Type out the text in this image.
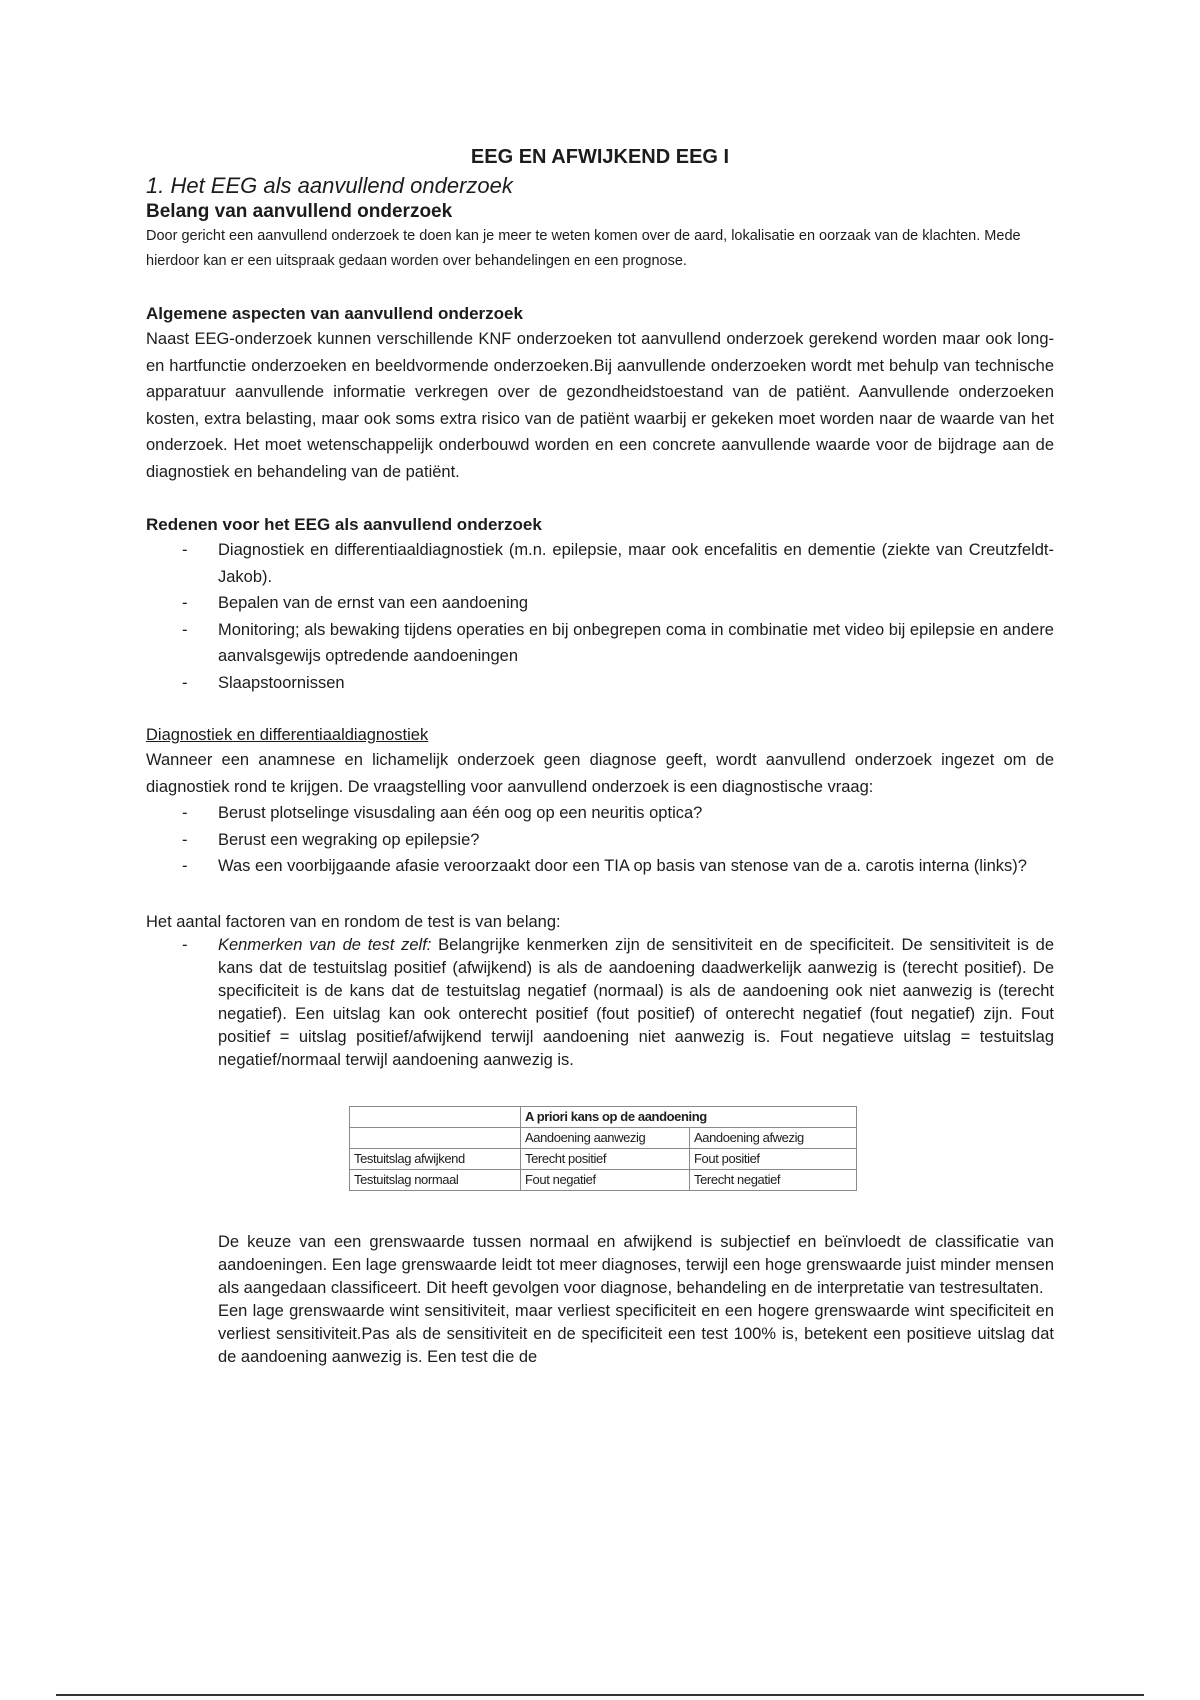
EEG EN AFWIJKEND EEG I
1. Het EEG als aanvullend onderzoek
Belang van aanvullend onderzoek

Door gericht een aanvullend onderzoek te doen kan je meer te weten komen over de aard, lokalisatie en oorzaak van de klachten. Mede hierdoor kan er een uitspraak gedaan worden over behandelingen en een prognose.

Algemene aspecten van aanvullend onderzoek

Naast EEG-onderzoek kunnen verschillende KNF onderzoeken tot aanvullend onderzoek gerekend worden maar ook long- en hartfunctie onderzoeken en beeldvormende onderzoeken.Bij aanvullende onderzoeken wordt met behulp van technische apparatuur aanvullende informatie verkregen over de gezondheidstoestand van de patiënt. Aanvullende onderzoeken kosten, extra belasting, maar ook soms extra risico van de patiënt waarbij er gekeken moet worden naar de waarde van het onderzoek. Het moet wetenschappelijk onderbouwd worden en een concrete aanvullende waarde voor de bijdrage aan de diagnostiek en behandeling van de patiënt.

Redenen voor het EEG als aanvullend onderzoek
- Diagnostiek en differentiaaldiagnostiek (m.n. epilepsie, maar ook encefalitis en dementie (ziekte van Creutzfeldt-Jakob).
- Bepalen van de ernst van een aandoening
- Monitoring; als bewaking tijdens operaties en bij onbegrepen coma in combinatie met video bij epilepsie en andere aanvalsgewijs optredende aandoeningen
- Slaapstoornissen
Diagnostiek en differentiaaldiagnostiek

Wanneer een anamnese en lichamelijk onderzoek geen diagnose geeft, wordt aanvullend onderzoek ingezet om de diagnostiek rond te krijgen. De vraagstelling voor aanvullend onderzoek is een diagnostische vraag:

- Berust plotselinge visusdaling aan één oog op een neuritis optica?
- Berust een wegraking op epilepsie?
- Was een voorbijgaande afasie veroorzaakt door een TIA op basis van stenose van de a. carotis interna (links)?

Het aantal factoren van en rondom de test is van belang:

- Kenmerken van de test zelf: Belangrijke kenmerken zijn de sensitiviteit en de specificiteit. De sensitiviteit is de kans dat de testuitslag positief (afwijkend) is als de aandoening daadwerkelijk aanwezig is (terecht positief). De specificiteit is de kans dat de testuitslag negatief (normaal) is als de aandoening ook niet aanwezig is (terecht negatief). Een uitslag kan ook onterecht positief (fout positief) of onterecht negatief (fout negatief) zijn. Fout positief = uitslag positief/afwijkend terwijl aandoening niet aanwezig is. Fout negatieve uitslag = testuitslag negatief/normaal terwijl aandoening aanwezig is.
	A priori kans op de aandoening	
	Aandoening aanwezig	Aandoening afwezig
Testuitslag afwijkend	Terecht positief	Fout positief
Testuitslag normaal	Fout negatief	Terecht negatief

De keuze van een grenswaarde tussen normaal en afwijkend is subjectief en beïnvloedt de classificatie van aandoeningen. Een lage grenswaarde leidt tot meer diagnoses, terwijl een hoge grenswaarde juist minder mensen als aangedaan classificeert. Dit heeft gevolgen voor diagnose, behandeling en de interpretatie van testresultaten.

Een lage grenswaarde wint sensitiviteit, maar verliest specificiteit en een hogere grenswaarde wint specificiteit en verliest sensitiviteit.Pas als de sensitiviteit en de specificiteit een test 100% is, betekent een positieve uitslag dat de aandoening aanwezig is. Een test die de
